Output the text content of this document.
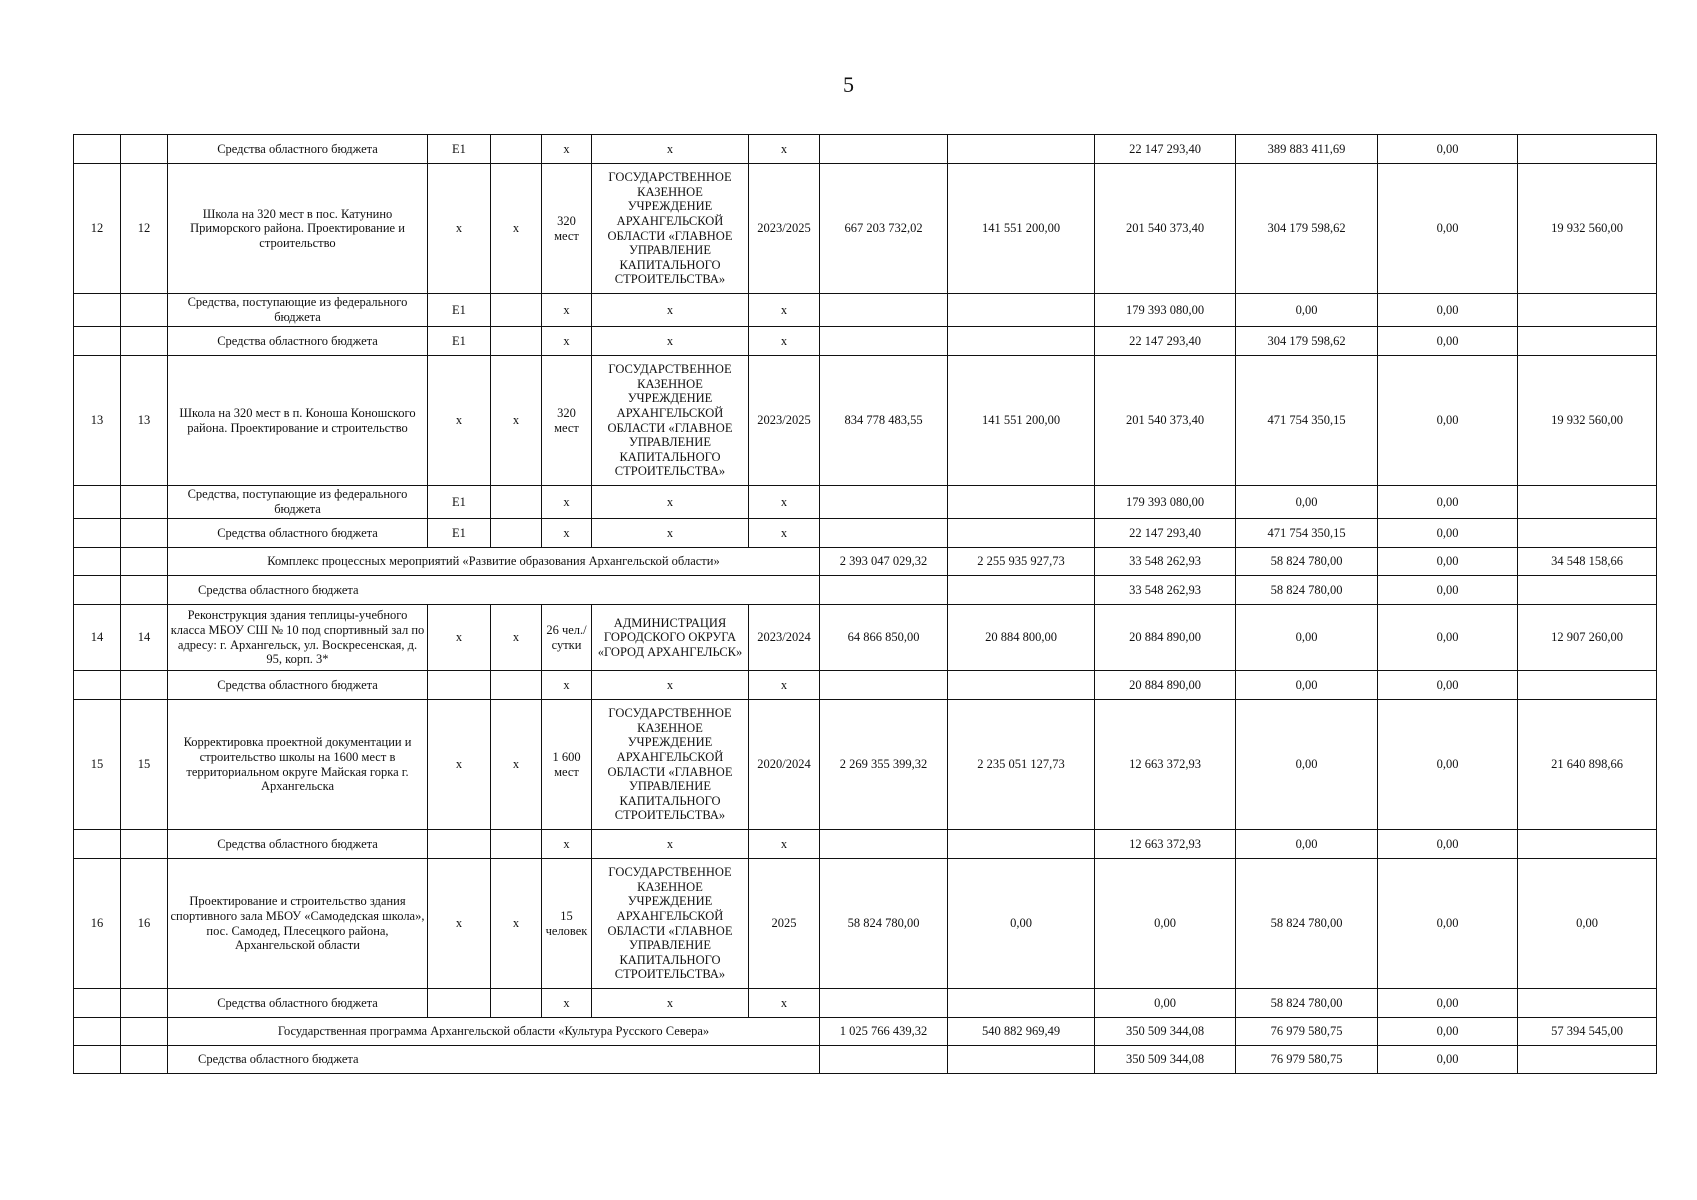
5
		Средства областного бюджета	Е1		х	х	х			22 147 293,40	389 883 411,69	0,00	
12	12	Школа на 320 мест в пос. Катунино Приморского района. Проектирование и строительство	х	х	320 мест	ГОСУДАРСТВЕННОЕ КАЗЕННОЕ УЧРЕЖДЕНИЕ АРХАНГЕЛЬСКОЙ ОБЛАСТИ «ГЛАВНОЕ УПРАВЛЕНИЕ КАПИТАЛЬНОГО СТРОИТЕЛЬСТВА»	2023/2025	667 203 732,02	141 551 200,00	201 540 373,40	304 179 598,62	0,00	19 932 560,00
		Средства, поступающие из федерального бюджета	Е1		х	х	х			179 393 080,00	0,00	0,00	
		Средства областного бюджета	Е1		х	х	х			22 147 293,40	304 179 598,62	0,00	
13	13	Школа на 320 мест в п. Коноша Коношского района. Проектирование и строительство	х	х	320 мест	ГОСУДАРСТВЕННОЕ КАЗЕННОЕ УЧРЕЖДЕНИЕ АРХАНГЕЛЬСКОЙ ОБЛАСТИ «ГЛАВНОЕ УПРАВЛЕНИЕ КАПИТАЛЬНОГО СТРОИТЕЛЬСТВА»	2023/2025	834 778 483,55	141 551 200,00	201 540 373,40	471 754 350,15	0,00	19 932 560,00
		Средства, поступающие из федерального бюджета	Е1		х	х	х			179 393 080,00	0,00	0,00	
		Средства областного бюджета	Е1		х	х	х			22 147 293,40	471 754 350,15	0,00	
		Комплекс процессных мероприятий «Развитие образования Архангельской области»						2 393 047 029,32	2 255 935 927,73	33 548 262,93	58 824 780,00	0,00	34 548 158,66
		Средства областного бюджета								33 548 262,93	58 824 780,00	0,00	
14	14	Реконструкция здания теплицы-учебного класса МБОУ СШ № 10 под спортивный зал по адресу: г. Архангельск, ул. Воскресенская, д. 95, корп. 3*	х	х	26 чел./сутки	АДМИНИСТРАЦИЯ ГОРОДСКОГО ОКРУГА «ГОРОД АРХАНГЕЛЬСК»	2023/2024	64 866 850,00	20 884 800,00	20 884 890,00	0,00	0,00	12 907 260,00
		Средства областного бюджета			х	х	х			20 884 890,00	0,00	0,00	
15	15	Корректировка проектной документации и строительство школы на 1600 мест в территориальном округе Майская горка г. Архангельска	х	х	1 600 мест	ГОСУДАРСТВЕННОЕ КАЗЕННОЕ УЧРЕЖДЕНИЕ АРХАНГЕЛЬСКОЙ ОБЛАСТИ «ГЛАВНОЕ УПРАВЛЕНИЕ КАПИТАЛЬНОГО СТРОИТЕЛЬСТВА»	2020/2024	2 269 355 399,32	2 235 051 127,73	12 663 372,93	0,00	0,00	21 640 898,66
		Средства областного бюджета			х	х	х			12 663 372,93	0,00	0,00	
16	16	Проектирование и строительство здания спортивного зала МБОУ «Самодедская школа», пос. Самодед, Плесецкого района, Архангельской области	х	х	15 человек	ГОСУДАРСТВЕННОЕ КАЗЕННОЕ УЧРЕЖДЕНИЕ АРХАНГЕЛЬСКОЙ ОБЛАСТИ «ГЛАВНОЕ УПРАВЛЕНИЕ КАПИТАЛЬНОГО СТРОИТЕЛЬСТВА»	2025	58 824 780,00	0,00	0,00	58 824 780,00	0,00	0,00
		Средства областного бюджета			х	х	х			0,00	58 824 780,00	0,00	
		Государственная программа Архангельской области «Культура Русского Севера»						1 025 766 439,32	540 882 969,49	350 509 344,08	76 979 580,75	0,00	57 394 545,00
		Средства областного бюджета								350 509 344,08	76 979 580,75	0,00	
